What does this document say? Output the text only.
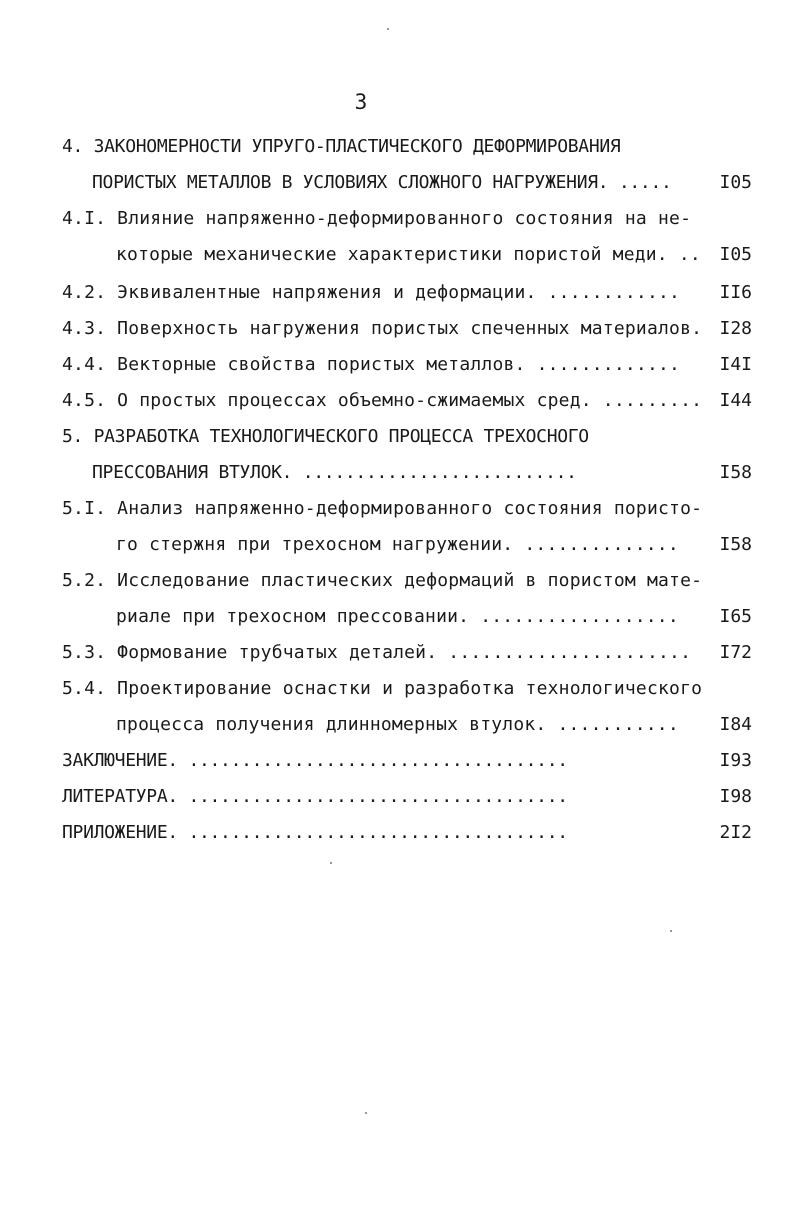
3
4. ЗАКОНОМЕРНОСТИ УПРУГО-ПЛАСТИЧЕСКОГО ДЕФОРМИРОВАНИЯ
ПОРИСТЫХ МЕТАЛЛОВ В УСЛОВИЯХ СЛОЖНОГО НАГРУЖЕНИЯ. .....	I05
4.I. Влияние напряженно-деформированного состояния на не-
которые механические характеристики пористой меди. ..	I05
4.2. Эквивалентные напряжения и деформации. ............	II6
4.3. Поверхность нагружения пористых спеченных материалов. I28
4.4. Векторные свойства пористых металлов. .............	I4I
4.5. О простых процессах объемно-сжимаемых сред. ......... I44
5. РАЗРАБОТКА ТЕХНОЛОГИЧЕСКОГО ПРОЦЕССА ТРЕХОСНОГО
ПРЕССОВАНИЯ ВТУЛОК. ..........................	I58
5.I. Анализ напряженно-деформированного состояния пористо-
го стержня при трехосном нагружении. ..............	I58
5.2. Исследование пластических деформаций в пористом мате-
риале при трехосном прессовании. ..................	I65
5.3. Формование трубчатых деталей. ......................	I72
5.4. Проектирование оснастки и разработка технологического
процесса получения длинномерных втулок. ...........	I84
ЗАКЛЮЧЕНИЕ. ....................................	I93
ЛИТЕРАТУРА. ....................................	I98
ПРИЛОЖЕНИЕ. ....................................	2I2
